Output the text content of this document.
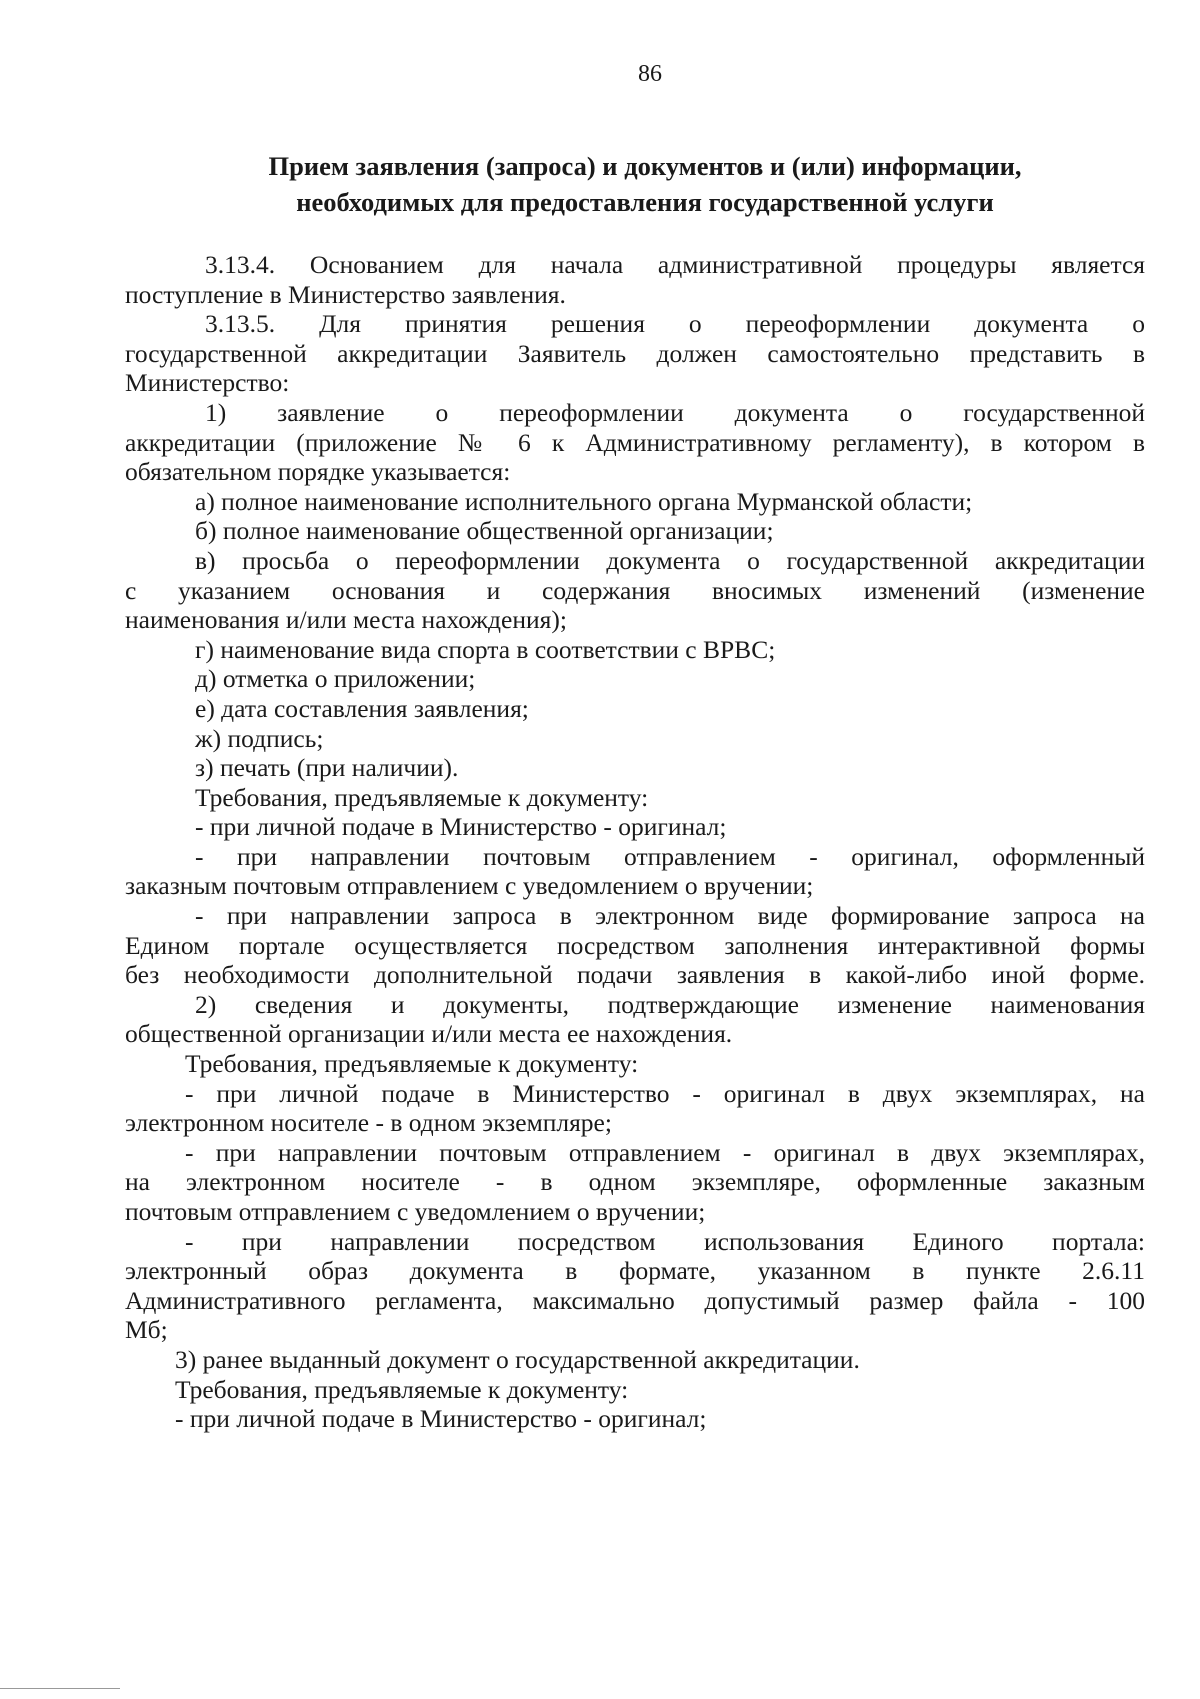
86
Прием заявления (запроса) и документов и (или) информации,
необходимых для предоставления государственной услуги
3.13.4. Основанием для начала административной процедуры является
поступление в Министерство заявления.
3.13.5. Для принятия решения о переоформлении документа о
государственной аккредитации Заявитель должен самостоятельно представить в
Министерство:
1) заявление о переоформлении документа о государственной
аккредитации (приложение № 6 к Административному регламенту), в котором в
обязательном порядке указывается:
а) полное наименование исполнительного органа Мурманской области;
б) полное наименование общественной организации;
в) просьба о переоформлении документа о государственной аккредитации
с указанием основания и содержания вносимых изменений (изменение
наименования и/или места нахождения);
г) наименование вида спорта в соответствии с ВРВС;
д) отметка о приложении;
е) дата составления заявления;
ж) подпись;
з) печать (при наличии).
Требования, предъявляемые к документу:
- при личной подаче в Министерство - оригинал;
- при направлении почтовым отправлением - оригинал, оформленный
заказным почтовым отправлением с уведомлением о вручении;
- при направлении запроса в электронном виде формирование запроса на
Едином портале осуществляется посредством заполнения интерактивной формы
без необходимости дополнительной подачи заявления в какой-либо иной форме.
2) сведения и документы, подтверждающие изменение наименования
общественной организации и/или места ее нахождения.
Требования, предъявляемые к документу:
- при личной подаче в Министерство - оригинал в двух экземплярах, на
электронном носителе - в одном экземпляре;
- при направлении почтовым отправлением - оригинал в двух экземплярах,
на электронном носителе - в одном экземпляре, оформленные заказным
почтовым отправлением с уведомлением о вручении;
- при направлении посредством использования Единого портала:
электронный образ документа в формате, указанном в пункте 2.6.11
Административного регламента, максимально допустимый размер файла - 100
Мб;
3) ранее выданный документ о государственной аккредитации.
Требования, предъявляемые к документу:
- при личной подаче в Министерство - оригинал;
